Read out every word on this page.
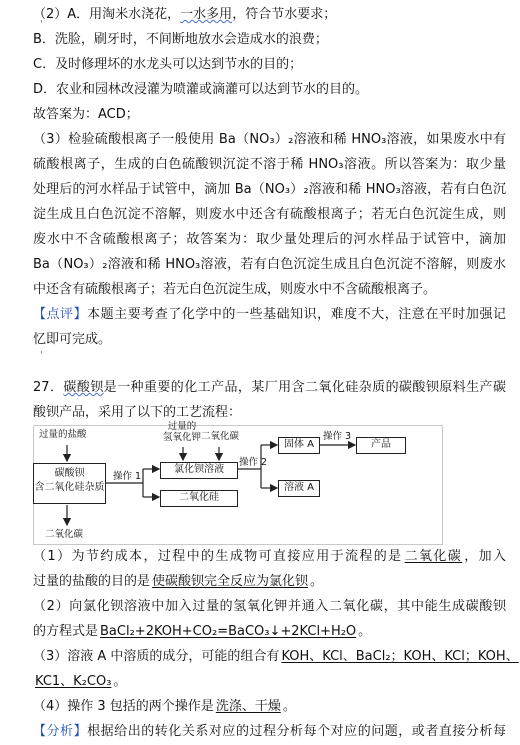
'
（2）A．用淘米水浇花，一水多用，符合节水要求；
B．洗脸，刷牙时，不间断地放水会造成水的浪费；
C．及时修理坏的水龙头可以达到节水的目的；
D．农业和园林改浸灌为喷灌或滴灌可以达到节水的目的。
故答案为：ACD；
（3）检验硫酸根离子一般使用 Ba（NO₃）₂溶液和稀 HNO₃溶液，如果废水中有
硫酸根离子，生成的白色硫酸钡沉淀不溶于稀 HNO₃溶液。所以答案为：取少量
处理后的河水样品于试管中，滴加 Ba（NO₃）₂溶液和稀 HNO₃溶液，若有白色沉
淀生成且白色沉淀不溶解，则废水中还含有硫酸根离子；若无白色沉淀生成，则
废水中不含硫酸根离子；故答案为：取少量处理后的河水样品于试管中，滴加
Ba（NO₃）₂溶液和稀 HNO₃溶液，若有白色沉淀生成且白色沉淀不溶解，则废水
中还含有硫酸根离子；若无白色沉淀生成，则废水中不含硫酸根离子。
【点评】本题主要考查了化学中的一些基础知识，难度不大，注意在平时加强记
忆即可完成。
'
27．碳酸钡是一种重要的化工产品，某厂用含二氧化硅杂质的碳酸钡原料生产碳
酸钡产品，采用了以下的工艺流程：
过量的盐酸
碳酸钡
含二氧化硅杂质
操作 1
二氧化碳
过量的
氢氧化钾 二氧化碳
氯化钡溶液
二氧化硅
操作 2
固体 A
溶液 A
操作 3
产品
（1）为节约成本，过程中的生成物可直接应用于流程的是 二氧化碳 ，加入
过量的盐酸的目的是 使碳酸钡完全反应为氯化钡 。
（2）向氯化钡溶液中加入过量的氢氧化钾并通入二氧化碳，其中能生成碳酸钡
的方程式是 BaCl₂+2KOH+CO₂=BaCO₃↓+2KCl+H₂O 。
（3）溶液 A 中溶质的成分，可能的组合有 KOH、KCl、BaCl₂；KOH、KCl；KOH、
KC1、K₂CO₃ 。
（4）操作 3 包括的两个操作是 洗涤、干燥 。
【分析】根据给出的转化关系对应的过程分析每个对应的问题，或者直接分析每
